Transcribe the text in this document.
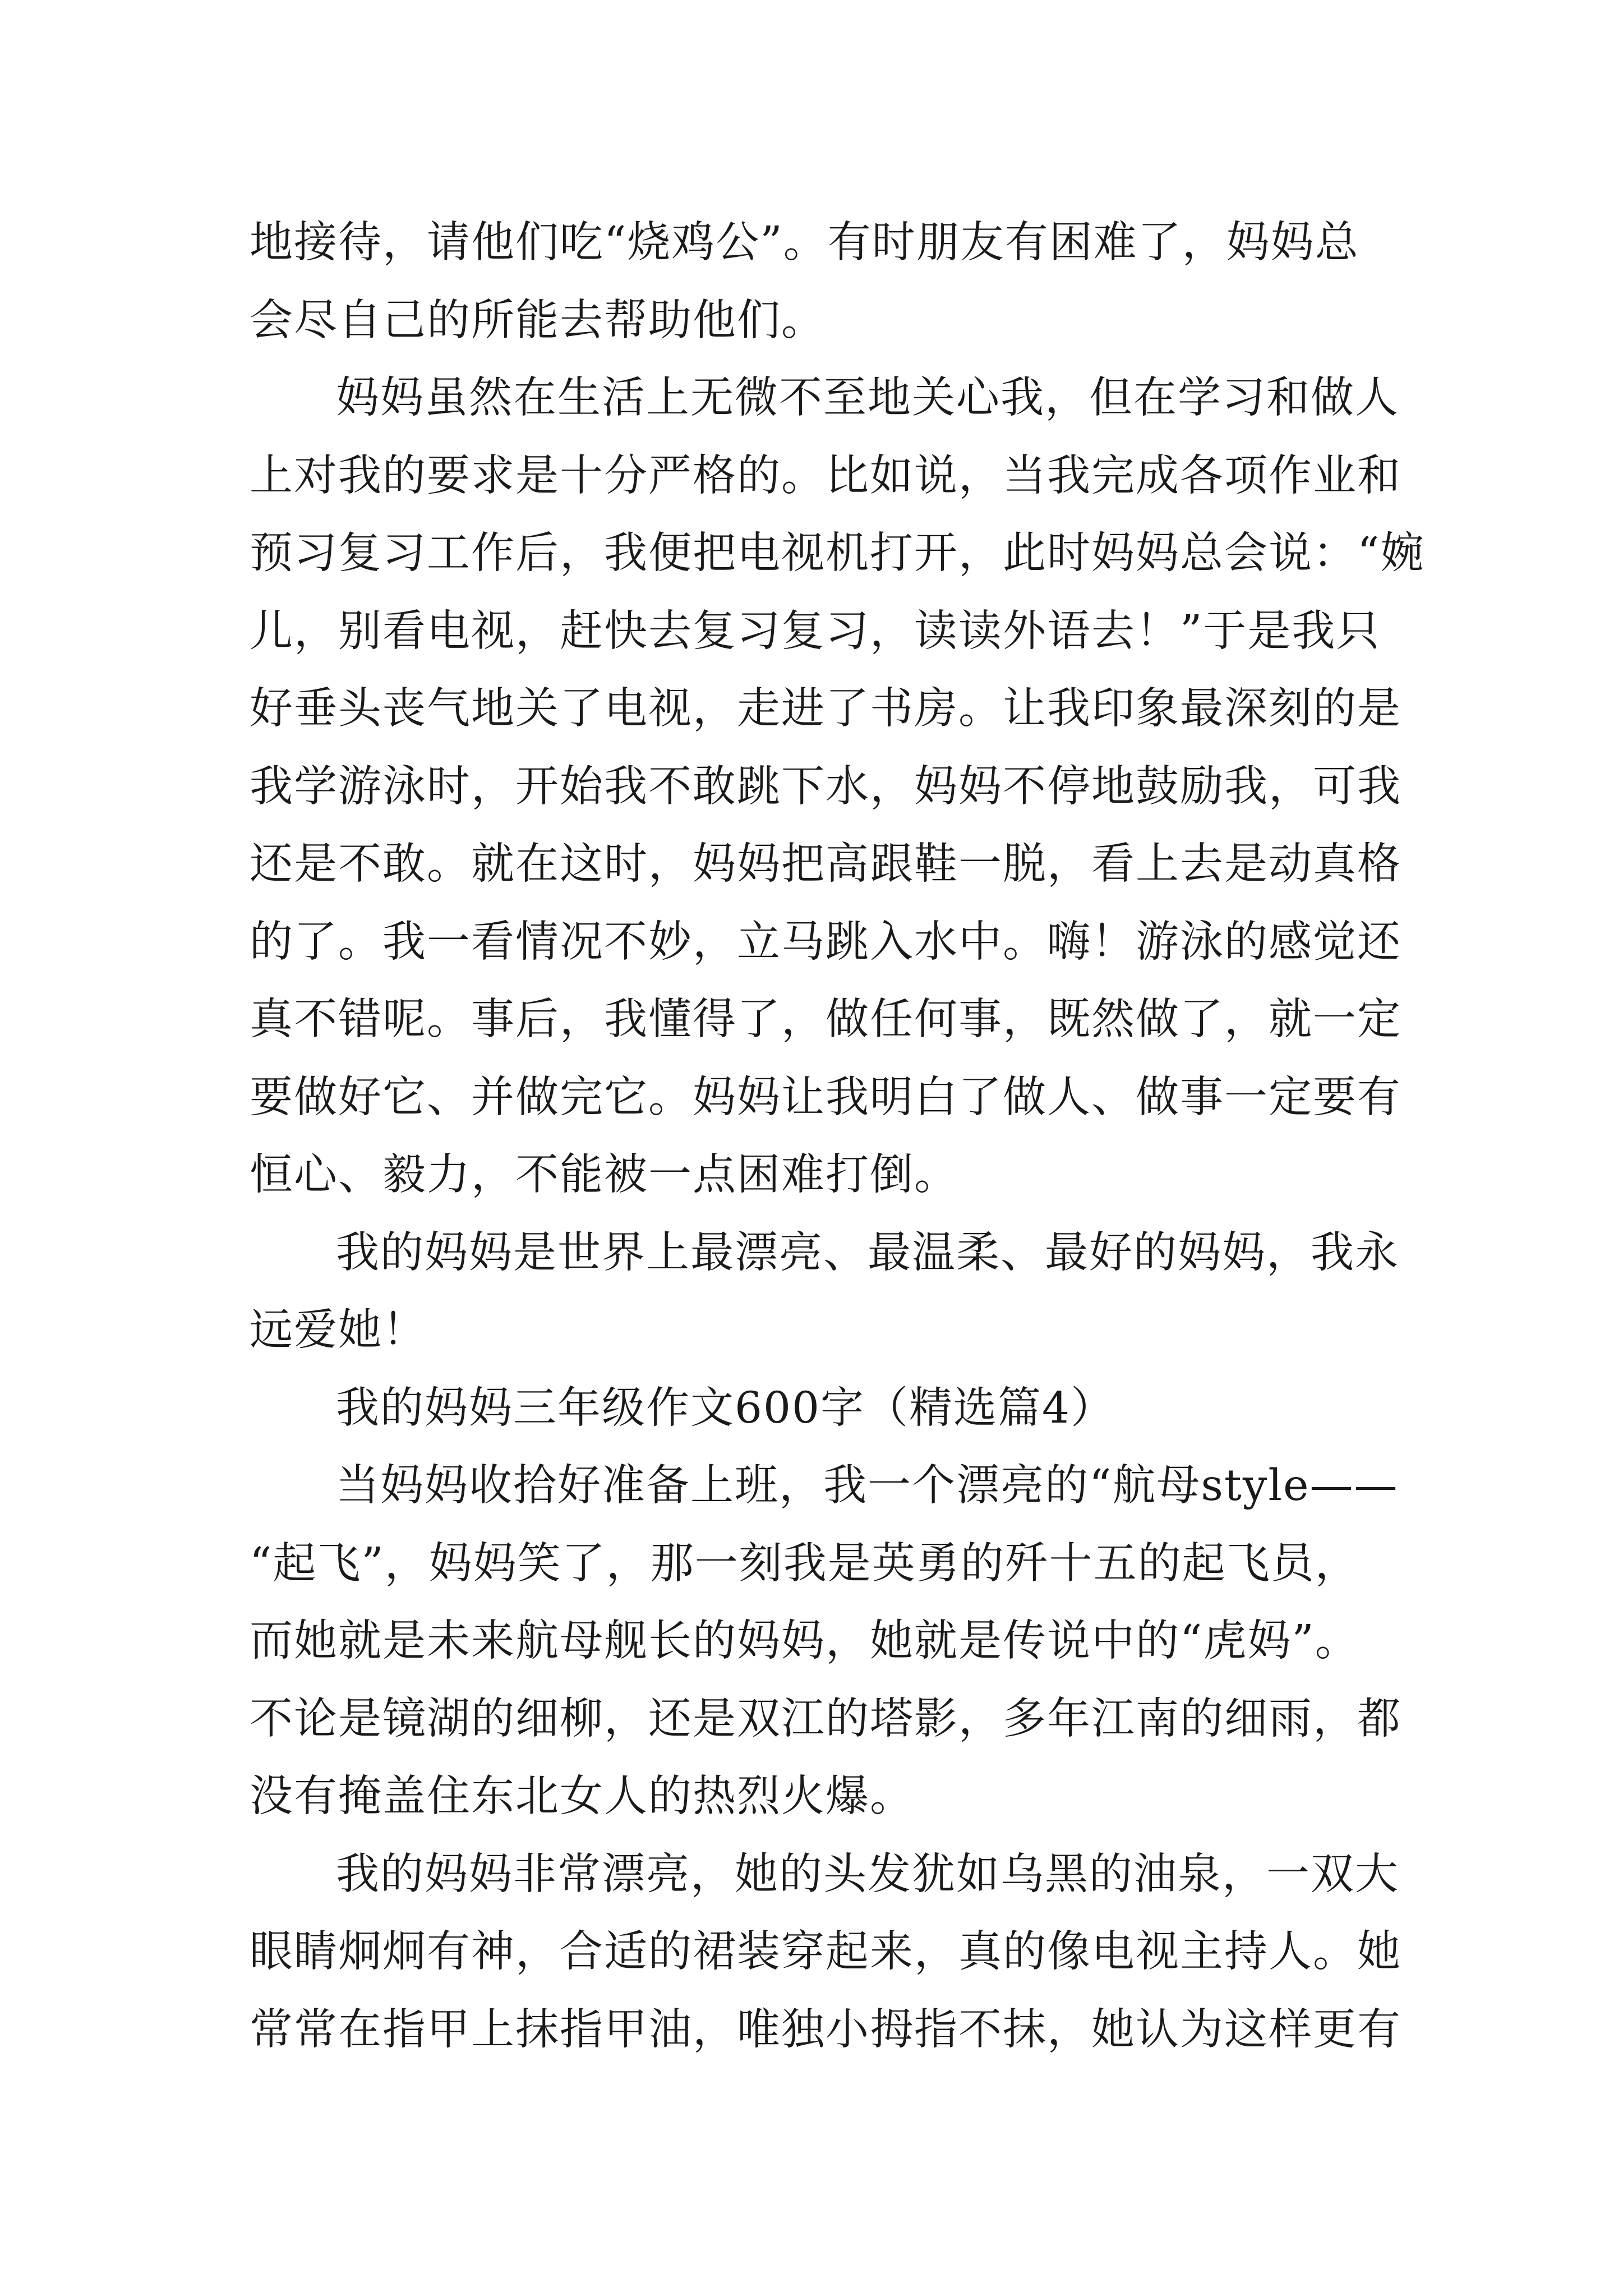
地接待，请他们吃“烧鸡公”。有时朋友有困难了，妈妈总
会尽自己的所能去帮助他们。
妈妈虽然在生活上无微不至地关心我，但在学习和做人
上对我的要求是十分严格的。比如说，当我完成各项作业和
预习复习工作后，我便把电视机打开，此时妈妈总会说：“婉
儿，别看电视，赶快去复习复习，读读外语去！”于是我只
好垂头丧气地关了电视，走进了书房。让我印象最深刻的是
我学游泳时，开始我不敢跳下水，妈妈不停地鼓励我，可我
还是不敢。就在这时，妈妈把高跟鞋一脱，看上去是动真格
的了。我一看情况不妙，立马跳入水中。嗨！游泳的感觉还
真不错呢。事后，我懂得了，做任何事，既然做了，就一定
要做好它、并做完它。妈妈让我明白了做人、做事一定要有
恒心、毅力，不能被一点困难打倒。
我的妈妈是世界上最漂亮、最温柔、最好的妈妈，我永
远爱她！
我的妈妈三年级作文600字（精选篇4）
当妈妈收拾好准备上班，我一个漂亮的“航母style——
“起飞”，妈妈笑了，那一刻我是英勇的歼十五的起飞员，
而她就是未来航母舰长的妈妈，她就是传说中的“虎妈”。
不论是镜湖的细柳，还是双江的塔影，多年江南的细雨，都
没有掩盖住东北女人的热烈火爆。
我的妈妈非常漂亮，她的头发犹如乌黑的油泉，一双大
眼睛炯炯有神，合适的裙装穿起来，真的像电视主持人。她
常常在指甲上抹指甲油，唯独小拇指不抹，她认为这样更有
